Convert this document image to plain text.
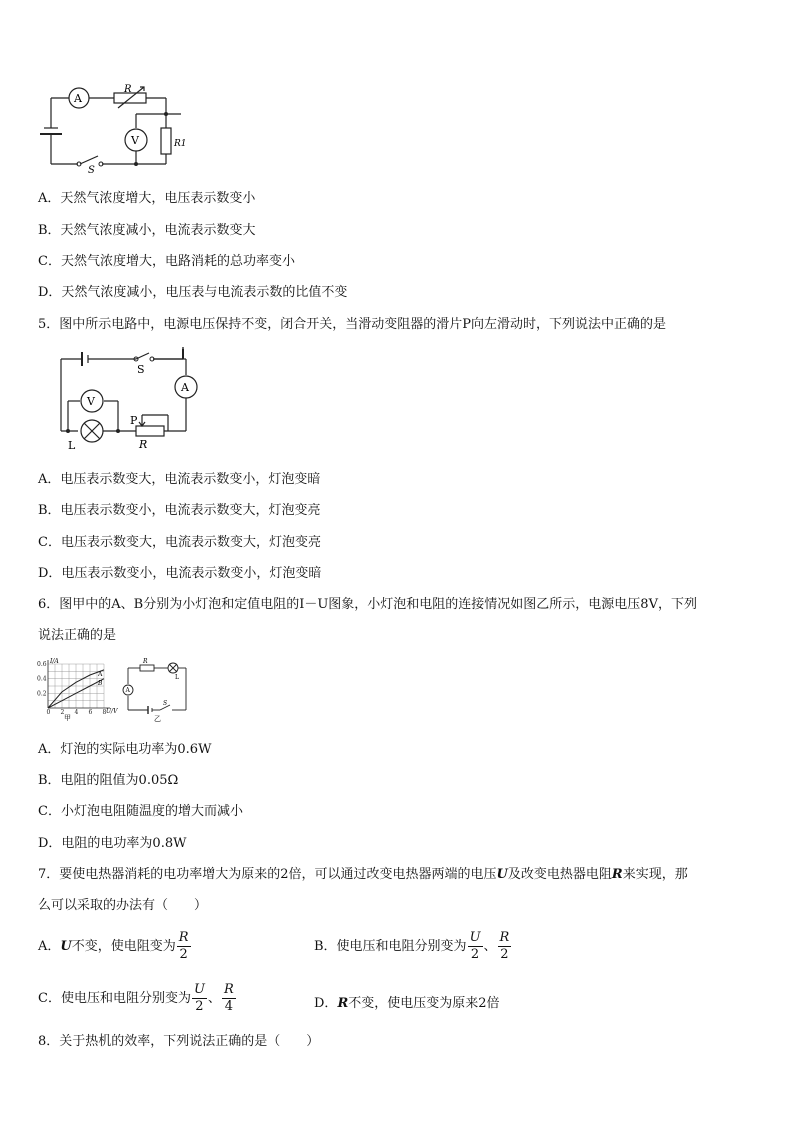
A
R
V	R1
S
A．天然气浓度增大，电压表示数变小
B．天然气浓度减小，电流表示数变大
C．天然气浓度增大，电路消耗的总功率变小
D．天然气浓度减小，电压表与电流表示数的比值不变
5．图中所示电路中，电源电压保持不变，闭合开关，当滑动变阻器的滑片P向左滑动时，下列说法中正确的是
S
A
V
P
L	R
A．电压表示数变大，电流表示数变小，灯泡变暗
B．电压表示数变小，电流表示数变大，灯泡变亮
C．电压表示数变大，电流表示数变大，灯泡变亮
D．电压表示数变小，电流表示数变小，灯泡变暗
6．图甲中的A、B分别为小灯泡和定值电阻的I－U图象，小灯泡和电阻的连接情况如图乙所示，电源电压8V，下列
说法正确的是
0.6
0.4
0.2
0 2 4 6 8
I/A
U/V
A
B
甲
R
L
A
S
乙
A．灯泡的实际电功率为0.6W
B．电阻的阻值为0.05Ω
C．小灯泡电阻随温度的增大而减小
D．电阻的电功率为0.8W
7．要使电热器消耗的电功率增大为原来的2倍，可以通过改变电热器两端的电压U及改变电热器电阻R来实现，那
么可以采取的办法有（　　）
A．U不变，使电阻变为 $\frac{R}{2}$	B．使电压和电阻分别变为 $\frac{U}{2}$ 、 $\frac{R}{2}$
C．使电压和电阻分别变为 $\frac{U}{2}$ 、 $\frac{R}{4}$	D．R不变，使电压变为原来2倍
8．关于热机的效率，下列说法正确的是（　　）
